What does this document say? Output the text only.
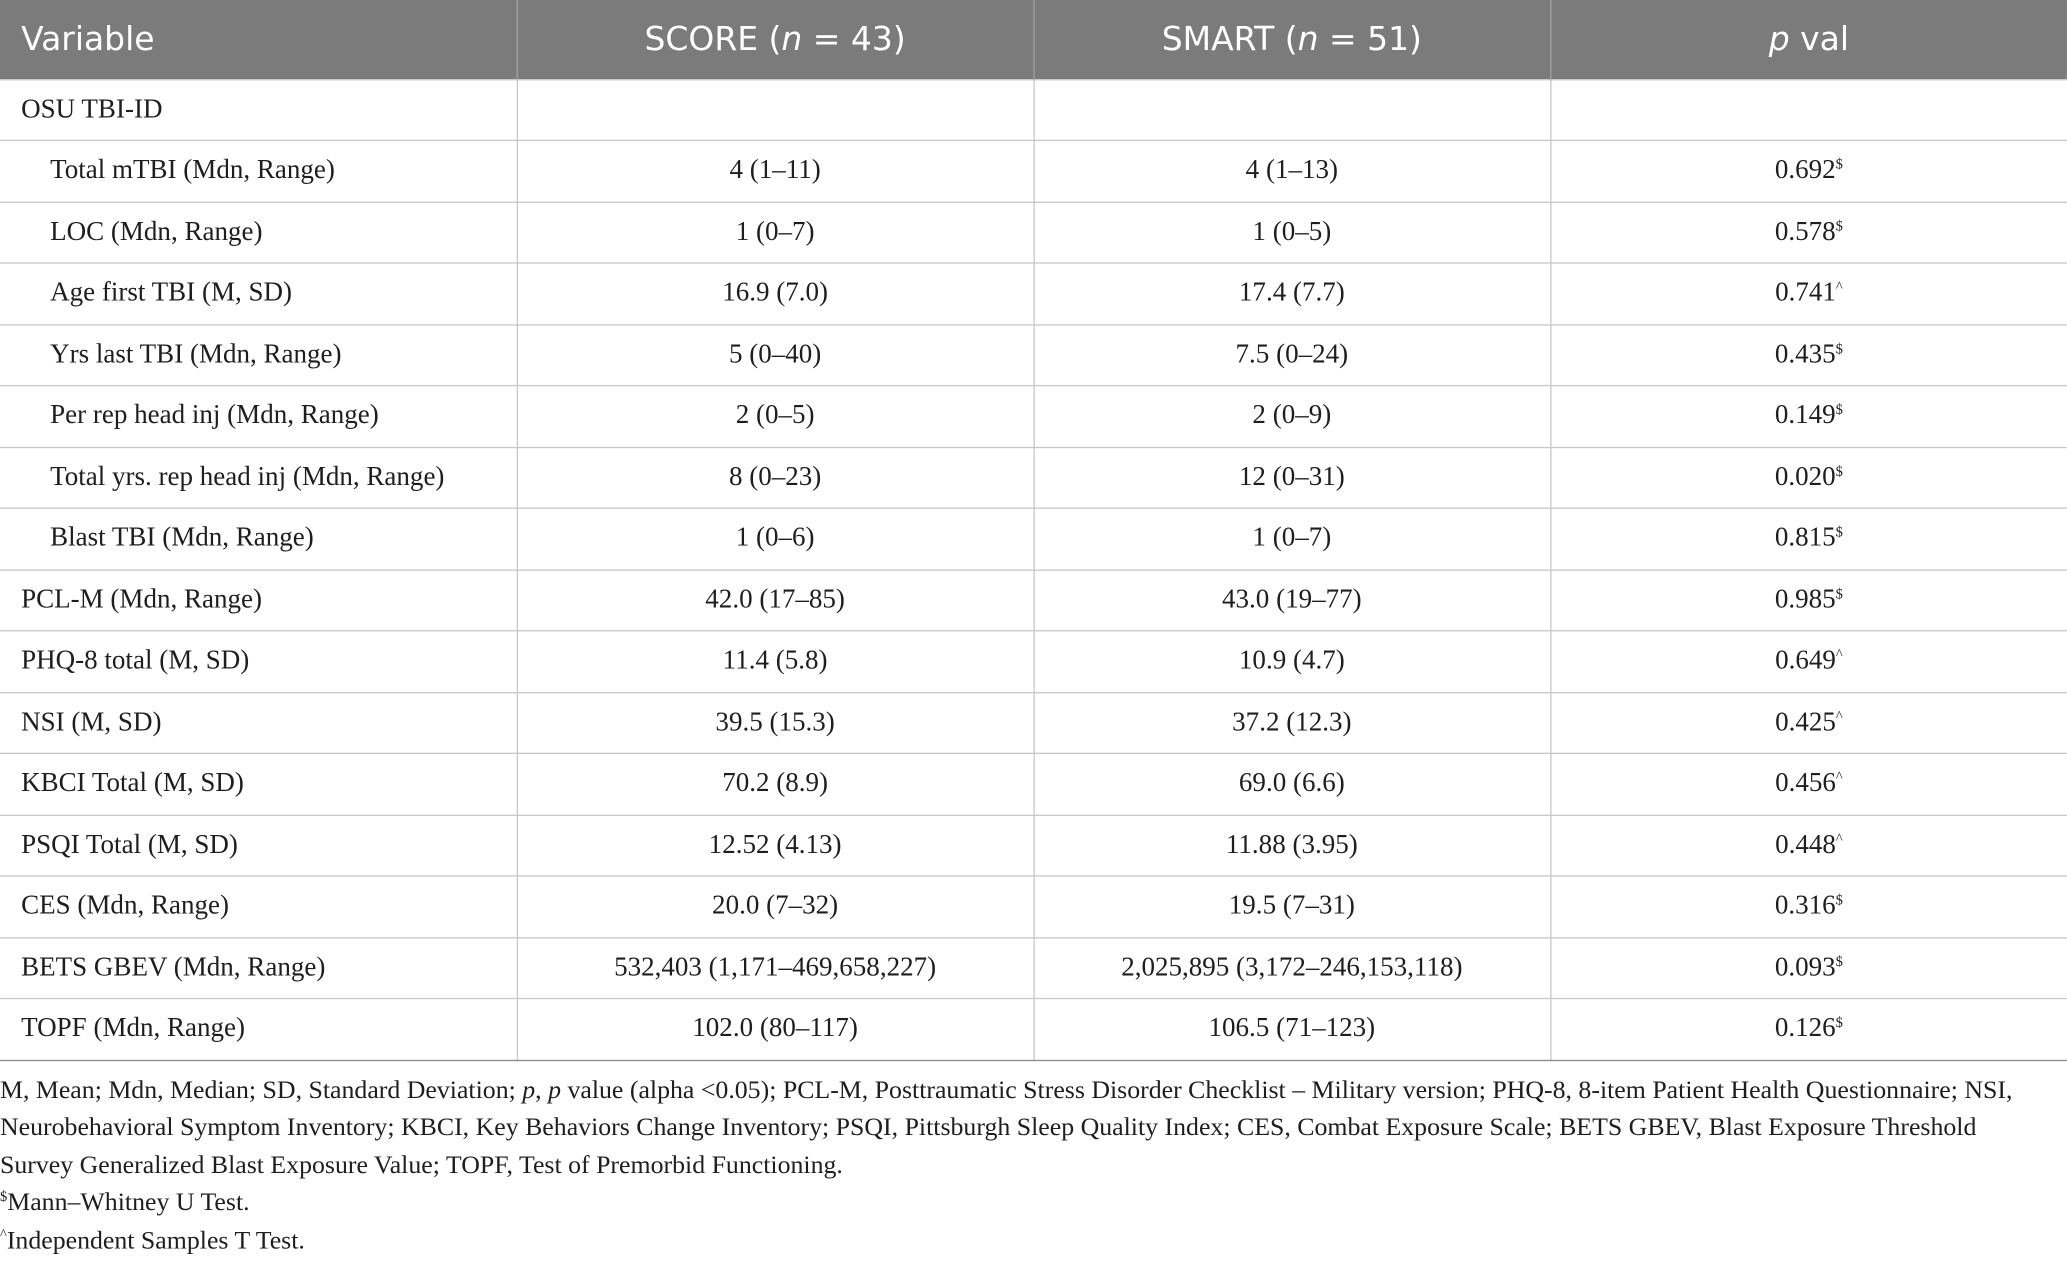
Variable	SCORE (n = 43)	SMART (n = 51)	p val
OSU TBI-ID			
Total mTBI (Mdn, Range)	4 (1–11)	4 (1–13)	0.692$
LOC (Mdn, Range)	1 (0–7)	1 (0–5)	0.578$
Age first TBI (M, SD)	16.9 (7.0)	17.4 (7.7)	0.741^
Yrs last TBI (Mdn, Range)	5 (0–40)	7.5 (0–24)	0.435$
Per rep head inj (Mdn, Range)	2 (0–5)	2 (0–9)	0.149$
Total yrs. rep head inj (Mdn, Range)	8 (0–23)	12 (0–31)	0.020$
Blast TBI (Mdn, Range)	1 (0–6)	1 (0–7)	0.815$
PCL-M (Mdn, Range)	42.0 (17–85)	43.0 (19–77)	0.985$
PHQ-8 total (M, SD)	11.4 (5.8)	10.9 (4.7)	0.649^
NSI (M, SD)	39.5 (15.3)	37.2 (12.3)	0.425^
KBCI Total (M, SD)	70.2 (8.9)	69.0 (6.6)	0.456^
PSQI Total (M, SD)	12.52 (4.13)	11.88 (3.95)	0.448^
CES (Mdn, Range)	20.0 (7–32)	19.5 (7–31)	0.316$
BETS GBEV (Mdn, Range)	532,403 (1,171–469,658,227)	2,025,895 (3,172–246,153,118)	0.093$
TOPF (Mdn, Range)	102.0 (80–117)	106.5 (71–123)	0.126$

M, Mean; Mdn, Median; SD, Standard Deviation; p, p value (alpha <0.05); PCL-M, Posttraumatic Stress Disorder Checklist – Military version; PHQ-8, 8-item Patient Health Questionnaire; NSI, Neurobehavioral Symptom Inventory; KBCI, Key Behaviors Change Inventory; PSQI, Pittsburgh Sleep Quality Index; CES, Combat Exposure Scale; BETS GBEV, Blast Exposure Threshold Survey Generalized Blast Exposure Value; TOPF, Test of Premorbid Functioning.

$Mann–Whitney U Test.

^Independent Samples T Test.
